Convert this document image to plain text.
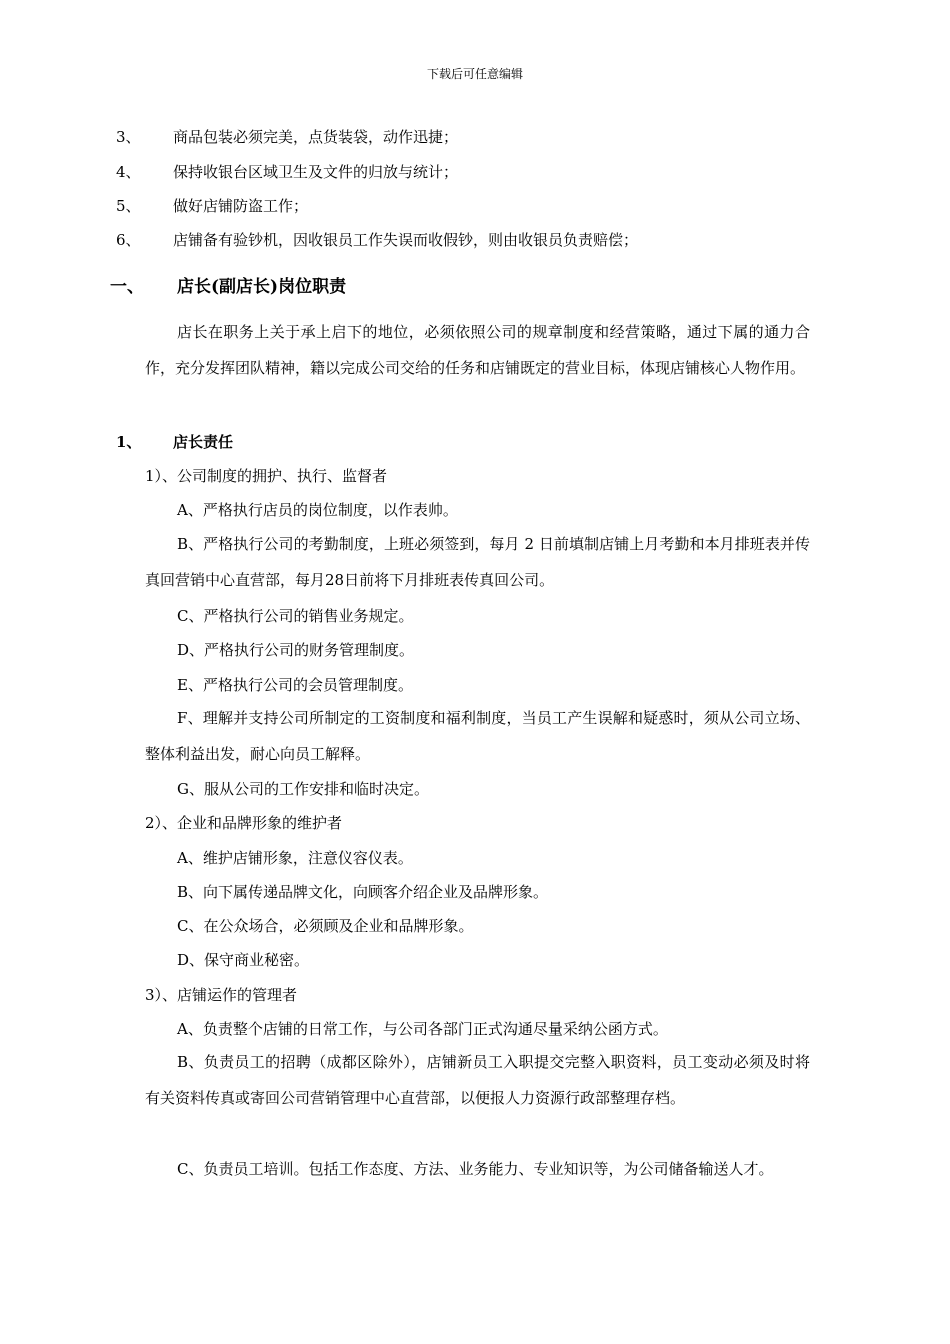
下载后可任意编辑
3、 商品包装必须完美，点货装袋，动作迅捷；
4、 保持收银台区域卫生及文件的归放与统计；
5、 做好店铺防盗工作；
6、 店铺备有验钞机，因收银员工作失误而收假钞，则由收银员负责赔偿；
一、 店长(副店长)岗位职责
店长在职务上关于承上启下的地位，必须依照公司的规章制度和经营策略，通过下属的通力合作，充分发挥团队精神，籍以完成公司交给的任务和店铺既定的营业目标，体现店铺核心人物作用。
1、 店长责任
1）、公司制度的拥护、执行、监督者
A、严格执行店员的岗位制度，以作表帅。
B、严格执行公司的考勤制度，上班必须签到，每月 2 日前填制店铺上月考勤和本月排班表并传真回营销中心直营部，每月28日前将下月排班表传真回公司。
C、严格执行公司的销售业务规定。
D、严格执行公司的财务管理制度。
E、严格执行公司的会员管理制度。
F、理解并支持公司所制定的工资制度和福利制度，当员工产生误解和疑惑时，须从公司立场、整体利益出发，耐心向员工解释。
G、服从公司的工作安排和临时决定。
2）、企业和品牌形象的维护者
A、维护店铺形象，注意仪容仪表。
B、向下属传递品牌文化，向顾客介绍企业及品牌形象。
C、在公众场合，必须顾及企业和品牌形象。
D、保守商业秘密。
3）、店铺运作的管理者
A、负责整个店铺的日常工作，与公司各部门正式沟通尽量采纳公函方式。
B、负责员工的招聘（成都区除外），店铺新员工入职提交完整入职资料，员工变动必须及时将有关资料传真或寄回公司营销管理中心直营部，以便报人力资源行政部整理存档。
C、负责员工培训。包括工作态度、方法、业务能力、专业知识等，为公司储备输送人才。
